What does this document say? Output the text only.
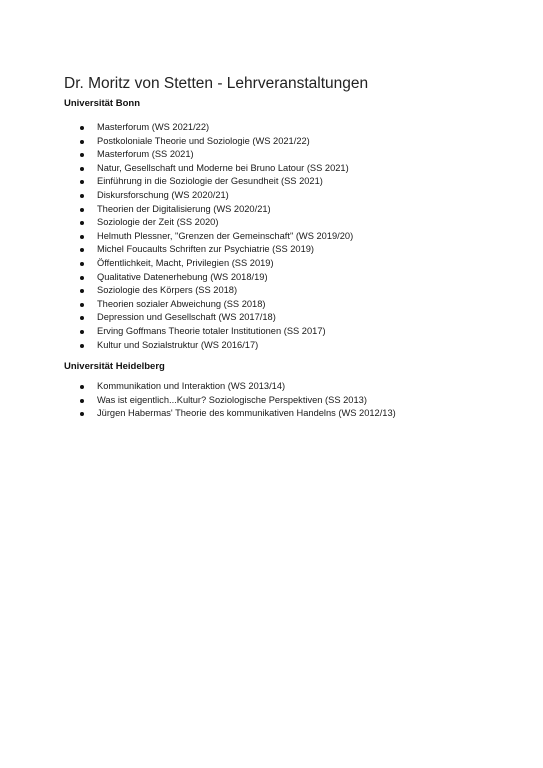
Dr. Moritz von Stetten - Lehrveranstaltungen
Universität Bonn
Masterforum (WS 2021/22)
Postkoloniale Theorie und Soziologie (WS 2021/22)
Masterforum (SS 2021)
Natur, Gesellschaft und Moderne bei Bruno Latour (SS 2021)
Einführung in die Soziologie der Gesundheit (SS 2021)
Diskursforschung (WS 2020/21)
Theorien der Digitalisierung (WS 2020/21)
Soziologie der Zeit (SS 2020)
Helmuth Plessner, "Grenzen der Gemeinschaft" (WS 2019/20)
Michel Foucaults Schriften zur Psychiatrie (SS 2019)
Öffentlichkeit, Macht, Privilegien (SS 2019)
Qualitative Datenerhebung (WS 2018/19)
Soziologie des Körpers (SS 2018)
Theorien sozialer Abweichung (SS 2018)
Depression und Gesellschaft (WS 2017/18)
Erving Goffmans Theorie totaler Institutionen (SS 2017)
Kultur und Sozialstruktur (WS 2016/17)
Universität Heidelberg
Kommunikation und Interaktion (WS 2013/14)
Was ist eigentlich...Kultur? Soziologische Perspektiven (SS 2013)
Jürgen Habermas' Theorie des kommunikativen Handelns (WS 2012/13)
